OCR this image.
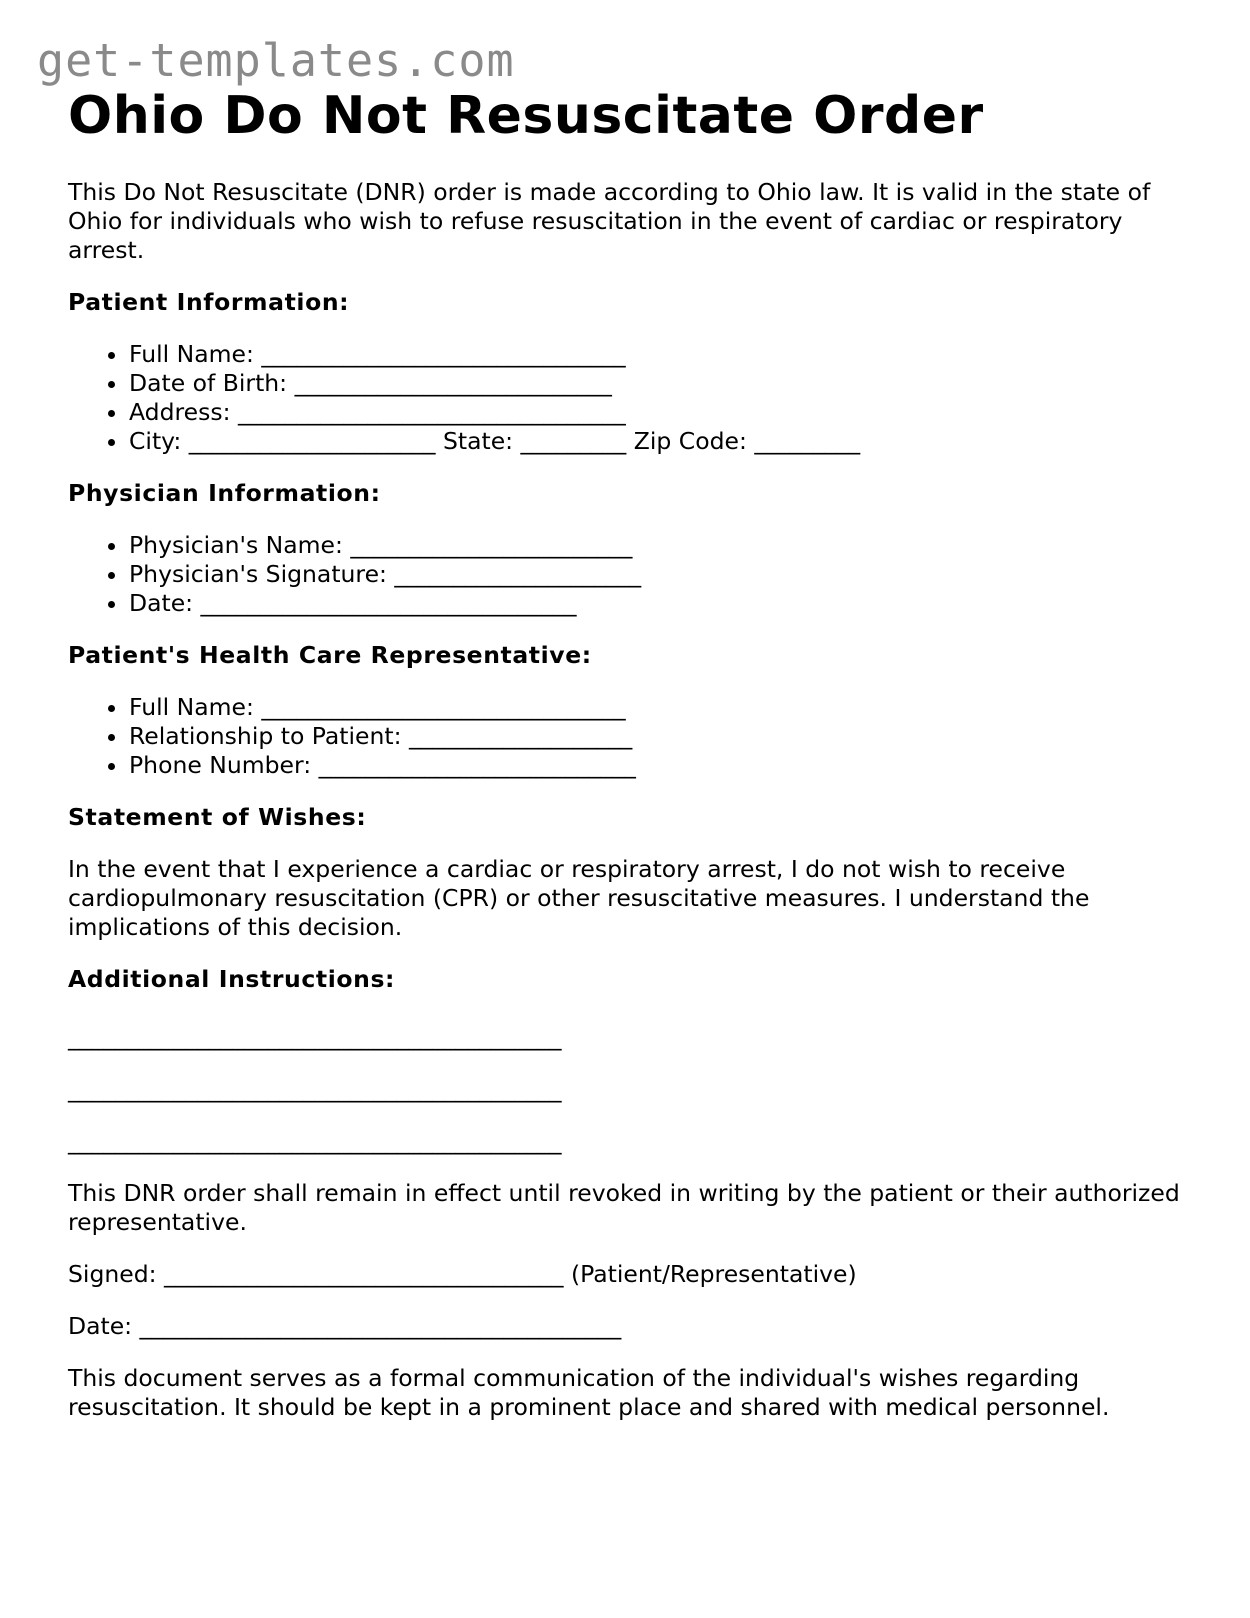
get-templates.com
Ohio Do Not Resuscitate Order

This Do Not Resuscitate (DNR) order is made according to Ohio law. It is valid in the state of Ohio for individuals who wish to refuse resuscitation in the event of cardiac or respiratory arrest.

Patient Information:
• Full Name: _______________________________
• Date of Birth: ___________________________
• Address: _________________________________
• City: _____________________ State: _________ Zip Code: _________
Physician Information:
• Physician's Name: ________________________
• Physician's Signature: _____________________
• Date: ________________________________
Patient's Health Care Representative:
• Full Name: _______________________________
• Relationship to Patient: ___________________
• Phone Number: ___________________________
Statement of Wishes:

In the event that I experience a cardiac or respiratory arrest, I do not wish to receive cardiopulmonary resuscitation (CPR) or other resuscitative measures. I understand the implications of this decision.

Additional Instructions:
__________________________________________
__________________________________________
__________________________________________

This DNR order shall remain in effect until revoked in writing by the patient or their authorized representative.

Signed: __________________________________ (Patient/Representative)

Date: _________________________________________

This document serves as a formal communication of the individual's wishes regarding resuscitation. It should be kept in a prominent place and shared with medical personnel.
